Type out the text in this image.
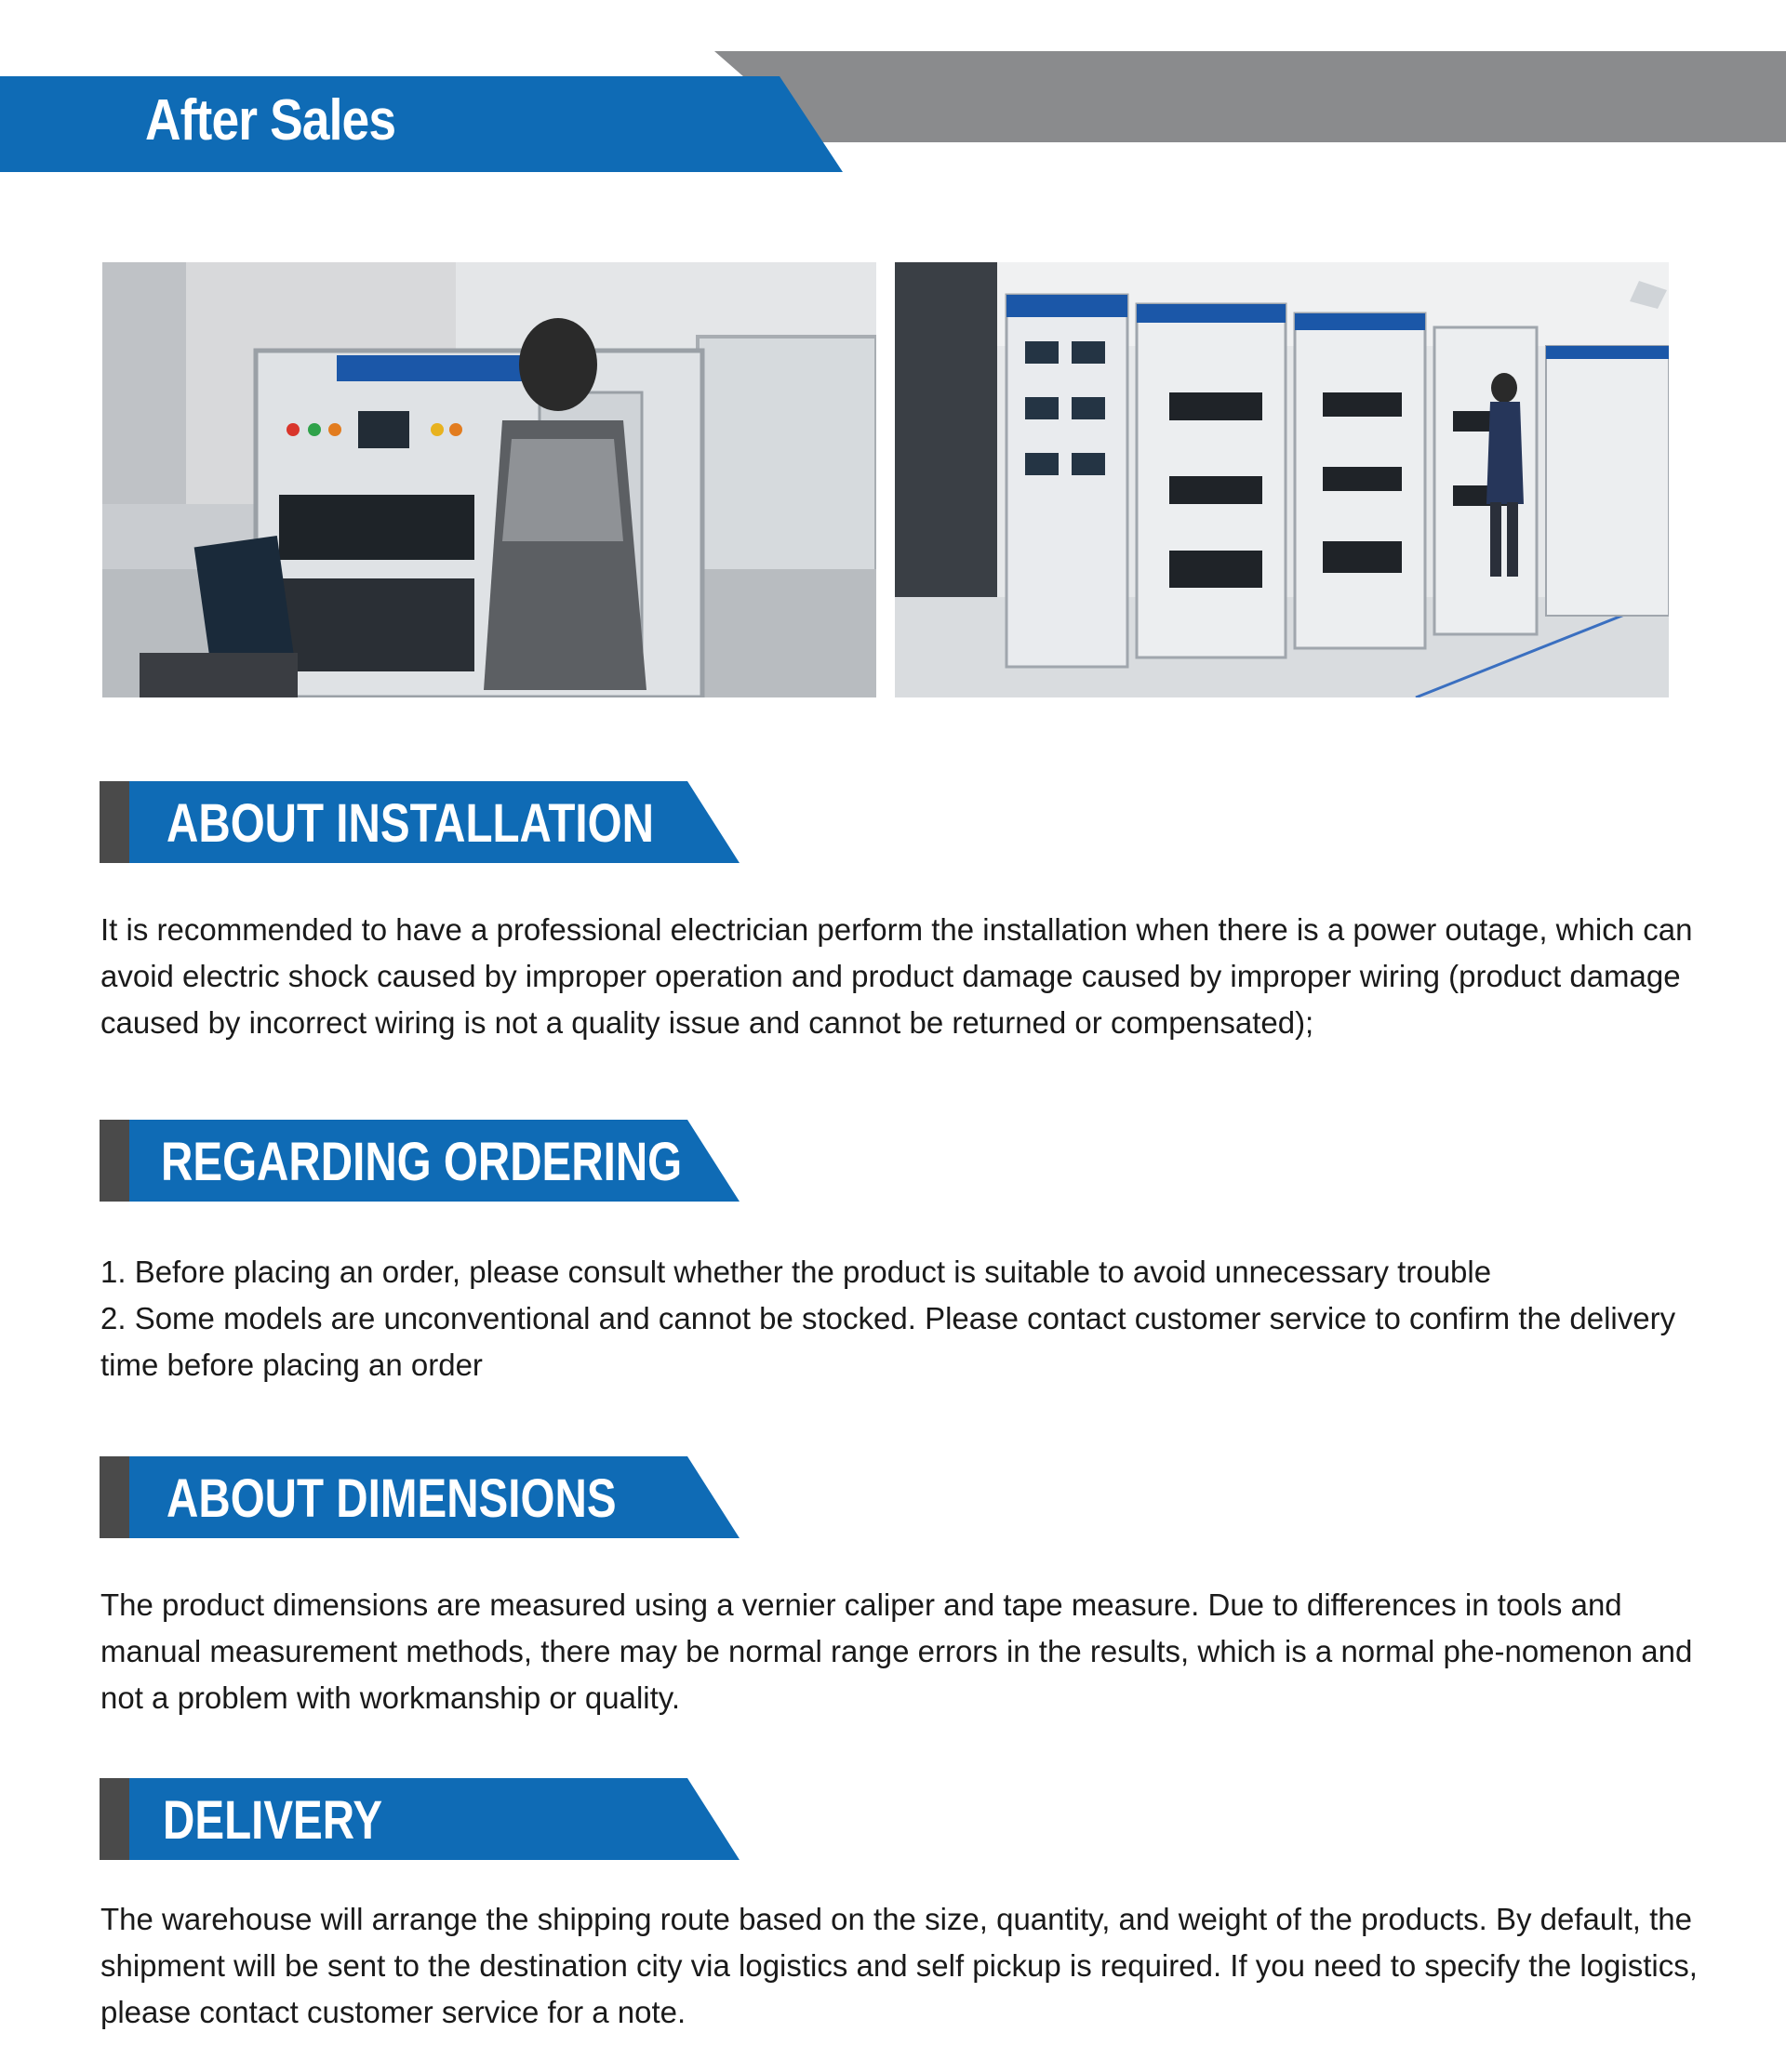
After Sales
ABOUT INSTALLATION

It is recommended to have a professional electrician perform the installation when there is a power outage, which can avoid electric shock caused by improper operation and product damage caused by improper wiring (product damage caused by incorrect wiring is not a quality issue and cannot be returned or compensated);

REGARDING ORDERING

1. Before placing an order, please consult whether the product is suitable to avoid unnecessary trouble

2. Some models are unconventional and cannot be stocked. Please contact customer service to confirm the delivery time before placing an order

ABOUT DIMENSIONS

The product dimensions are measured using a vernier caliper and tape measure. Due to differences in tools and manual measurement methods, there may be normal range errors in the results, which is a normal phe-nomenon and not a problem with workmanship or quality.

DELIVERY

The warehouse will arrange the shipping route based on the size, quantity, and weight of the products. By default, the shipment will be sent to the destination city via logistics and self pickup is required. If you need to specify the logistics, please contact customer service for a note.
